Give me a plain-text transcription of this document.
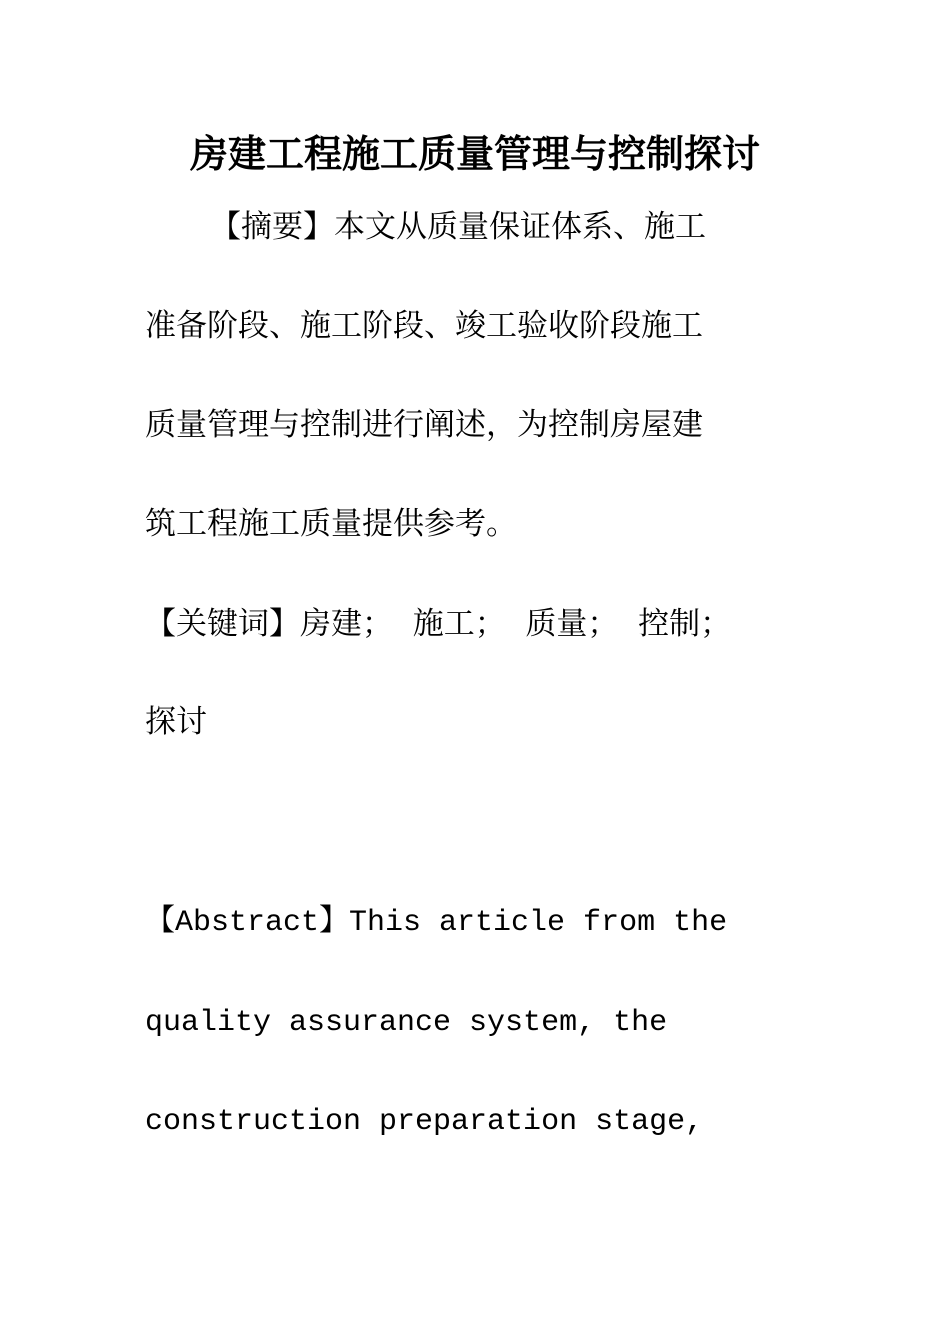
房建工程施工质量管理与控制探讨
【摘要】本文从质量保证体系、施工
准备阶段、施工阶段、竣工验收阶段施工
质量管理与控制进行阐述，为控制房屋建
筑工程施工质量提供参考。
【关键词】房建；  施工；  质量；  控制；
探讨
【Abstract】This article from the
quality assurance system, the
construction preparation stage,
